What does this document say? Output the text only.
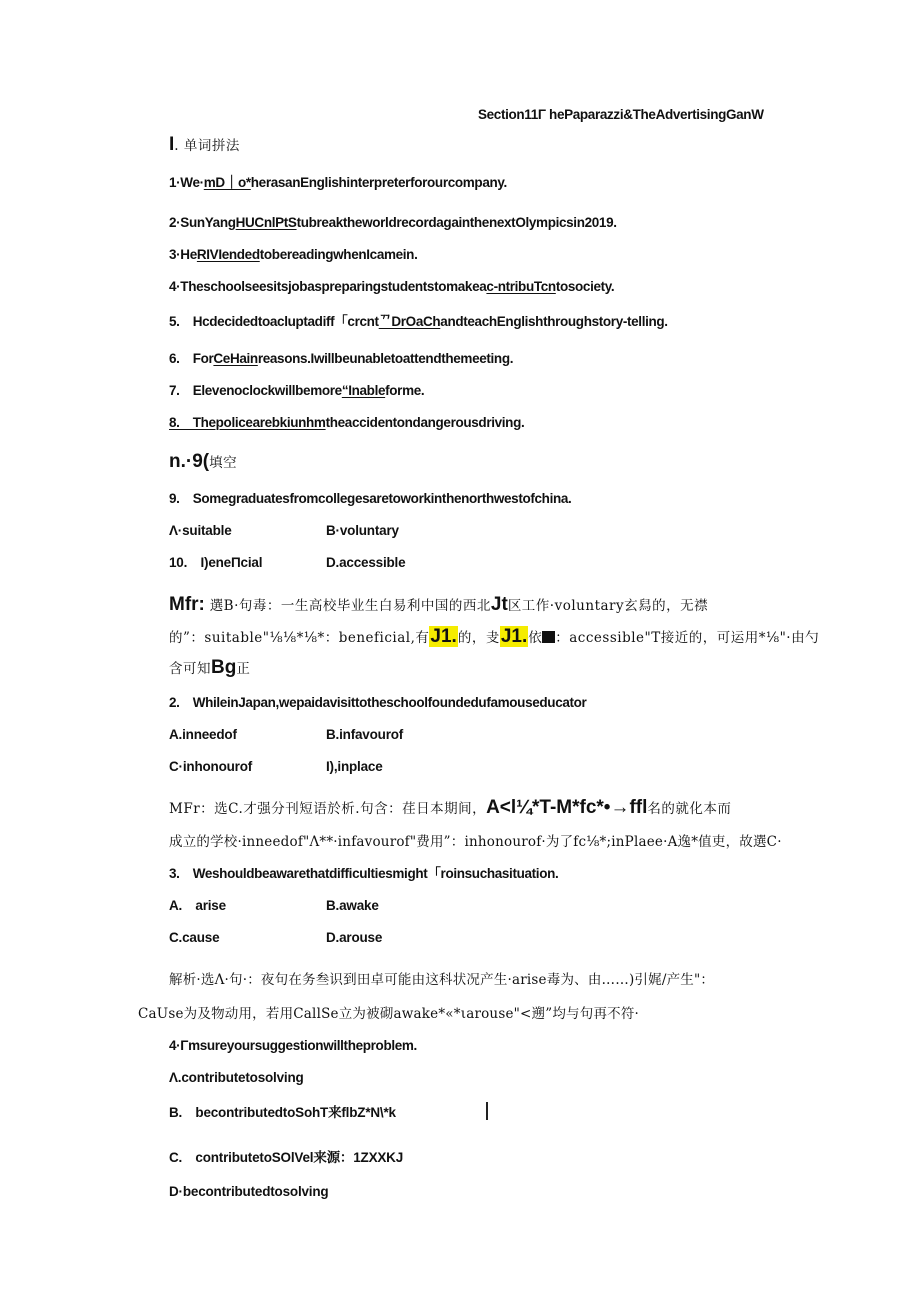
Section11Γ hePaparazzi&TheAdvertisingGanW
I. 单词拼法
1·We·mD｜o*herasanEnglishinterpreterforourcompany.
2·SunYangHUCnlPtStubreaktheworldrecordagainthenextOlympicsin2019.
3·HeRIVIendedtobereadingwhenIcamein.
4·Theschoolseesitsjobaspreparingstudentstomakeac-ntribuTcntosociety.
5. Hcdecidedtoacluptadiff「crcntᄁDrOaChandteachEnglishthroughstory-telling.
6. ForCeHainreasons.Iwillbeunabletoattendthemeeting.
7. Elevenoclockwillbemore“Inableforme.
8. Thepolicearebkiunhmtheaccidentondangerousdriving.
n.·9(填空
9. Somegraduatesfromcollegesaretoworkinthenorthwestofchina.
Λ·suitable	B·voluntary
10. I)eneΠcial	D.accessible
Mfr: 選B·句毒：一生高校毕业生白易利中国的西北Jt区工作·voluntary玄舄的，无襟
的”：suitable"⅛⅛*⅛*：beneficial,有J1.的，叏J1.依 ：accessible"T接近的，可运用*⅛"·由勺
含可知Bg正
2. WhileinJapan,wepaidavisittotheschoolfoundedufamouseducator
A.inneedof	B.infavourof
C·inhonourof	I),inplace
MFr：选C.才强分刊短语於析.句含：荏日本期间，A<l¼*T-M*fc*•→ffl名的就化本而
成立的学校·inneedof"Λ**·infavourof"费用”：inhonourof·为了fc⅛*;inPlaee·A逸*值吏，故選C·
3. Weshouldbeawarethatdifficultiesmight「roinsuchasituation.
A. arise	B.awake
C.cause	D.arouse
解析·选Λ·句·：夜句在务叁识到田卓可能由这科状况产生·arise毒为、由……)引娓/产生"：
CaUse为及物动用，若用CallSe立为被砌awake*«*ιarouse"<遡”均与句再不符·
4·Γmsureyoursuggestionwilltheproblem.
Λ.contributetosolving
B. becontributedtoSohT来flbZ*N\*k
C. contributetoSOlVel来源：1ZXXKJ
D·becontributedtosolving
